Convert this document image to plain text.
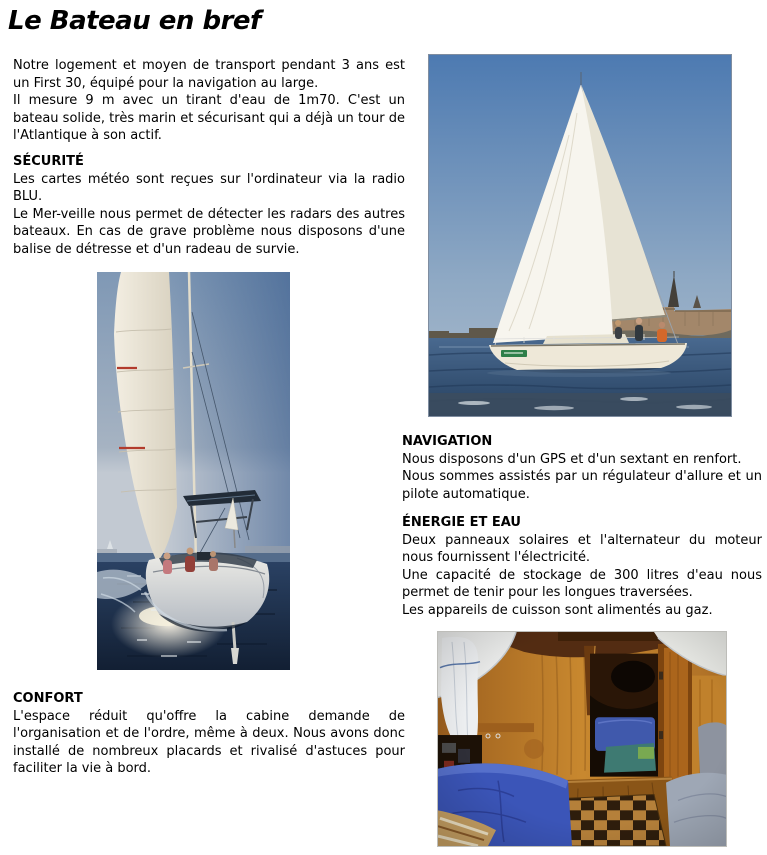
Le Bateau en bref

Notre logement et moyen de transport pendant 3 ans est un First 30, équipé pour la navigation au large.

Il mesure 9 m avec un tirant d'eau de 1m70. C'est un bateau solide, très marin et sécurisant qui a déjà un tour de l'Atlantique à son actif.

SÉCURITÉ

Les cartes météo sont reçues sur l'ordinateur via la radio BLU.

Le Mer-veille nous permet de détecter les radars des autres bateaux. En cas de grave problème nous disposons d'une balise de détresse et d'un radeau de survie.

CONFORT

L'espace réduit qu'offre la cabine demande de l'organisation et de l'ordre, même à deux. Nous avons donc installé de nombreux placards et rivalisé d'astuces pour faciliter la vie à bord.

NAVIGATION

Nous disposons d'un GPS et d'un sextant en renfort.

Nous sommes assistés par un régulateur d'allure et un pilote automatique.

ÉNERGIE ET EAU

Deux panneaux solaires et l'alternateur du moteur nous fournissent l'électricité.

Une capacité de stockage de 300 litres d'eau nous permet de tenir pour les longues traversées.

Les appareils de cuisson sont alimentés au gaz.
